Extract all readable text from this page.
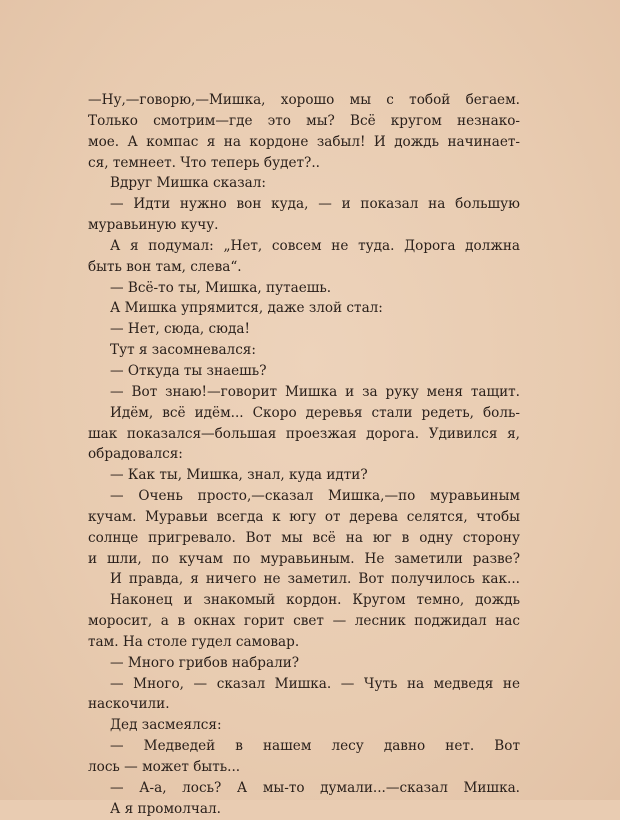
—Ну,—говорю,—Мишка, хорошо мы с тобой бегаем.
Только смотрим—где это мы? Всё кругом незнако-
мое. А компас я на кордоне забыл! И дождь начинает-
ся, темнеет. Что теперь будет?..
Вдруг Мишка сказал:
— Идти нужно вон куда, — и показал на большую
муравьиную кучу.
А я подумал: „Нет, совсем не туда. Дорога должна
быть вон там, слева“.
— Всё-то ты, Мишка, путаешь.
А Мишка упрямится, даже злой стал:
— Нет, сюда, сюда!
Тут я засомневался:
— Откуда ты знаешь?
— Вот знаю!—говорит Мишка и за руку меня тащит.
Идём, всё идём... Скоро деревья стали редеть, боль-
шак показался—большая проезжая дорога. Удивился я,
обрадовался:
— Как ты, Мишка, знал, куда идти?
— Очень просто,—сказал Мишка,—по муравьиным
кучам. Муравьи всегда к югу от дерева селятся, чтобы
солнце пригревало. Вот мы всё на юг в одну сторону
и шли, по кучам по муравьиным. Не заметили разве?
И правда, я ничего не заметил. Вот получилось как...
Наконец и знакомый кордон. Кругом темно, дождь
моросит, а в окнах горит свет — лесник поджидал нас
там. На столе гудел самовар.
— Много грибов набрали?
— Много, — сказал Мишка. — Чуть на медведя не
наскочили.
Дед засмеялся:
— Медведей в нашем лесу давно нет. Вот
лось — может быть...
— А-а, лось? А мы-то думали...—сказал Мишка.
А я промолчал.
